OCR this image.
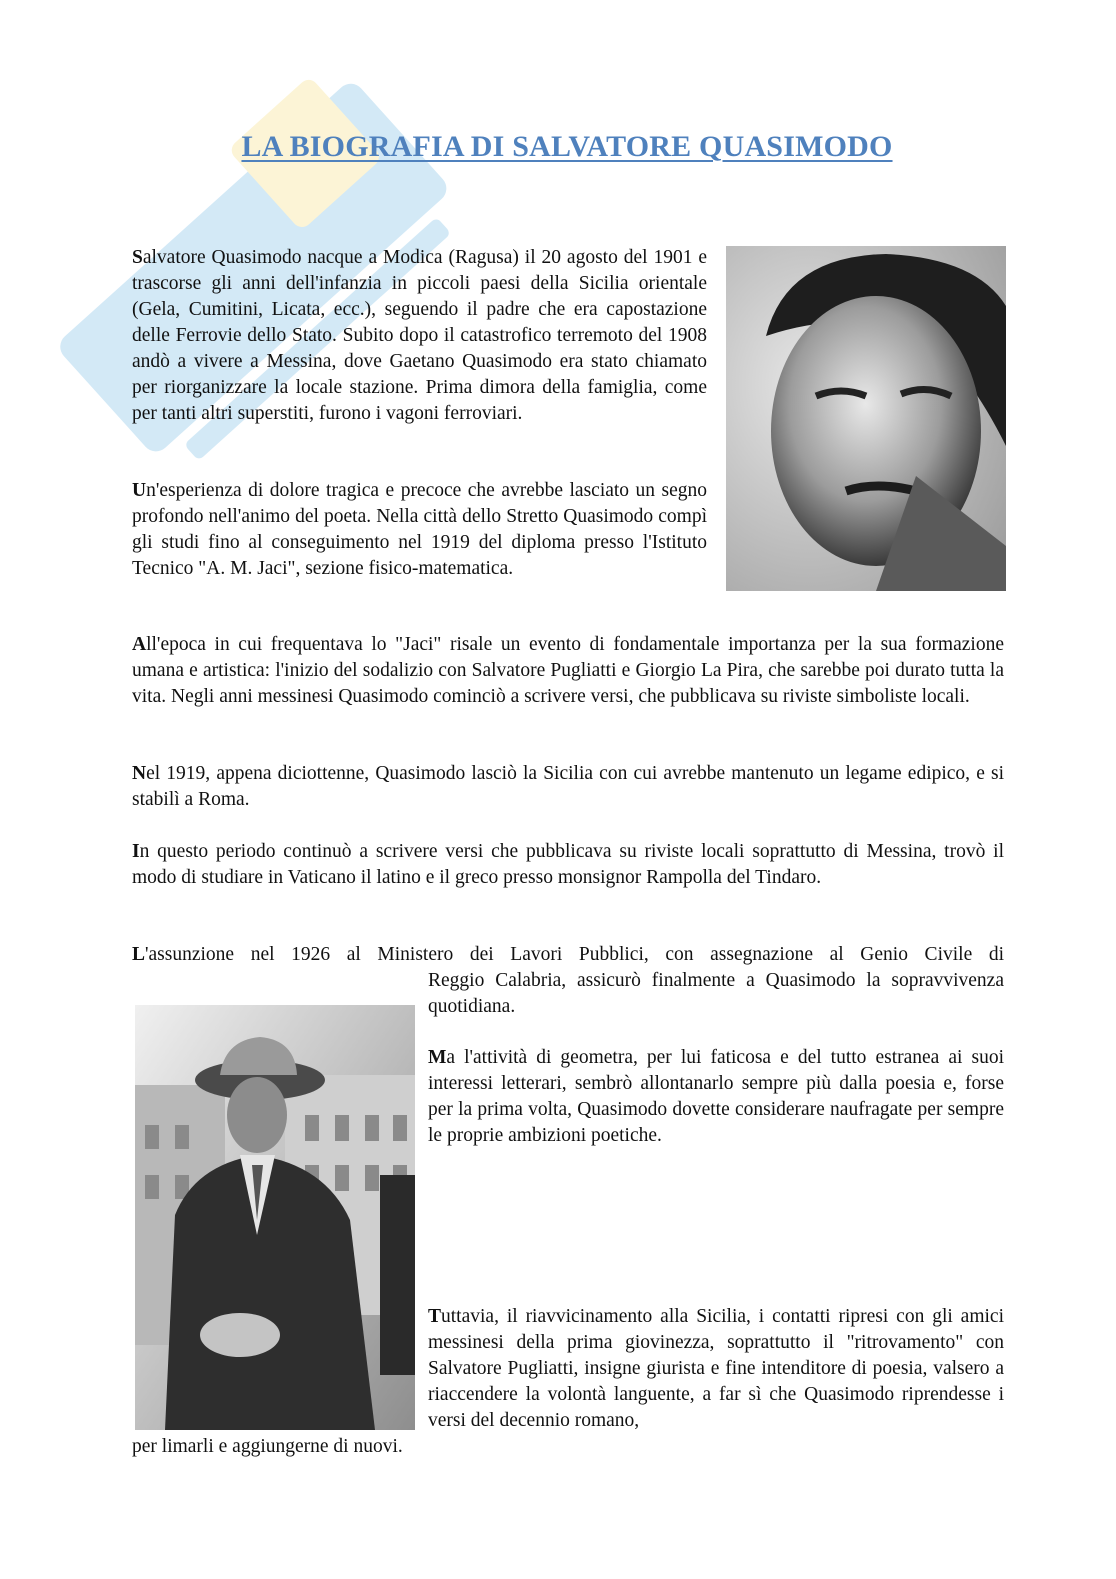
LA BIOGRAFIA DI SALVATORE QUASIMODO

Salvatore Quasimodo nacque a Modica (Ragusa) il 20 agosto del 1901 e trascorse gli anni dell'infanzia in piccoli paesi della Sicilia orientale (Gela, Cumitini, Licata, ecc.), seguendo il padre che era capostazione delle Ferrovie dello Stato. Subito dopo il catastrofico terremoto del 1908 andò a vivere a Messina, dove Gaetano Quasimodo era stato chiamato per riorganizzare la locale stazione. Prima dimora della famiglia, come per tanti altri superstiti, furono i vagoni ferroviari.

Un'esperienza di dolore tragica e precoce che avrebbe lasciato un segno profondo nell'animo del poeta. Nella città dello Stretto Quasimodo compì gli studi fino al conseguimento nel 1919 del diploma presso l'Istituto Tecnico "A. M. Jaci", sezione fisico-matematica.

All'epoca in cui frequentava lo "Jaci" risale un evento di fondamentale importanza per la sua formazione umana e artistica: l'inizio del sodalizio con Salvatore Pugliatti e Giorgio La Pira, che sarebbe poi durato tutta la vita. Negli anni messinesi Quasimodo cominciò a scrivere versi, che pubblicava su riviste simboliste locali.

Nel 1919, appena diciottenne, Quasimodo lasciò la Sicilia con cui avrebbe mantenuto un legame edipico, e si stabilì a Roma.

In questo periodo continuò a scrivere versi che pubblicava su riviste locali soprattutto di Messina, trovò il modo di studiare in Vaticano il latino e il greco presso monsignor Rampolla del Tindaro.

L'assunzione nel 1926 al Ministero dei Lavori Pubblici, con assegnazione al Genio Civile di

Reggio Calabria, assicurò finalmente a Quasimodo la sopravvivenza quotidiana.

Ma l'attività di geometra, per lui faticosa e del tutto estranea ai suoi interessi letterari, sembrò allontanarlo sempre più dalla poesia e, forse per la prima volta, Quasimodo dovette considerare naufragate per sempre le proprie ambizioni poetiche.

Tuttavia, il riavvicinamento alla Sicilia, i contatti ripresi con gli amici messinesi della prima giovinezza, soprattutto il "ritrovamento" con Salvatore Pugliatti, insigne giurista e fine intenditore di poesia, valsero a riaccendere la volontà languente, a far sì che Quasimodo riprendesse i versi del decennio romano,

per limarli e aggiungerne di nuovi.
